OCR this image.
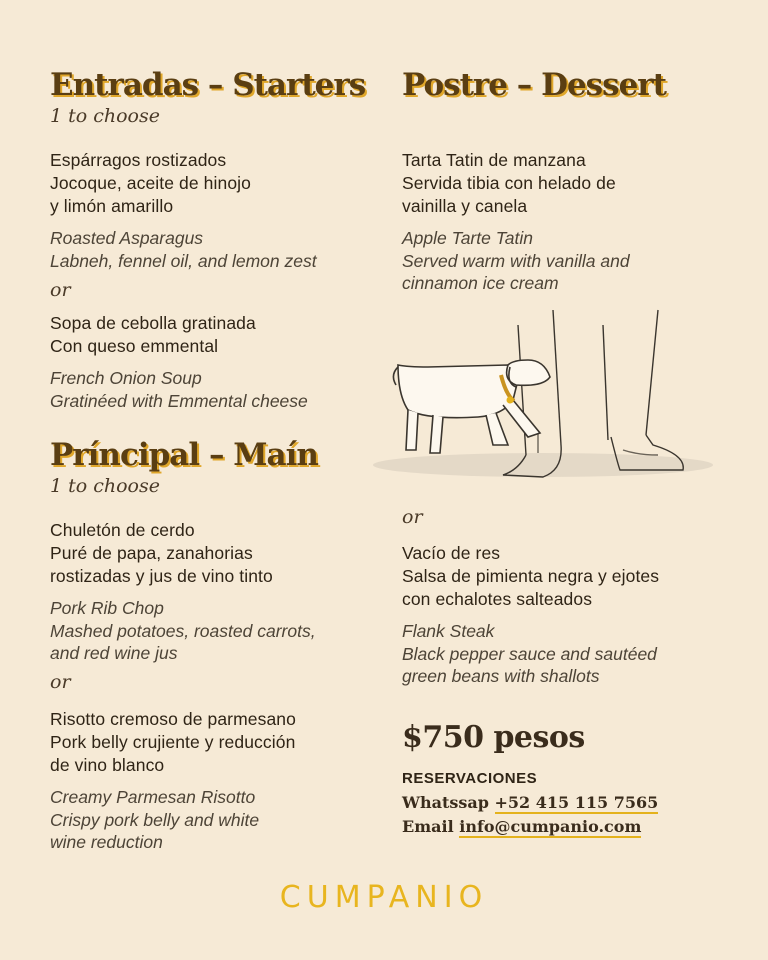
Entradas – Starters
1 to choose
Espárragos rostizados
Jocoque, aceite de hinojo
y limón amarillo
Roasted Asparagus
Labneh, fennel oil, and lemon zest
or
Sopa de cebolla gratinada
Con queso emmental
French Onion Soup
Gratinéed with Emmental cheese
Príncipal – Maín
1 to choose
Chuletón de cerdo
Puré de papa, zanahorias
rostizadas y jus de vino tinto
Pork Rib Chop
Mashed potatoes, roasted carrots,
and red wine jus
or
Risotto cremoso de parmesano
Pork belly crujiente y reducción
de vino blanco
Creamy Parmesan Risotto
Crispy pork belly and white
wine reduction
Postre – Dessert
Tarta Tatin de manzana
Servida tibia con helado de
vainilla y canela
Apple Tarte Tatin
Served warm with vanilla and
cinnamon ice cream
or
Vacío de res
Salsa de pimienta negra y ejotes
con echalotes salteados
Flank Steak
Black pepper sauce and sautéed
green beans with shallots
$750 pesos
RESERVACIONES
Whatssap +52 415 115 7565
Email info@cumpanio.com
CUMPANIO
